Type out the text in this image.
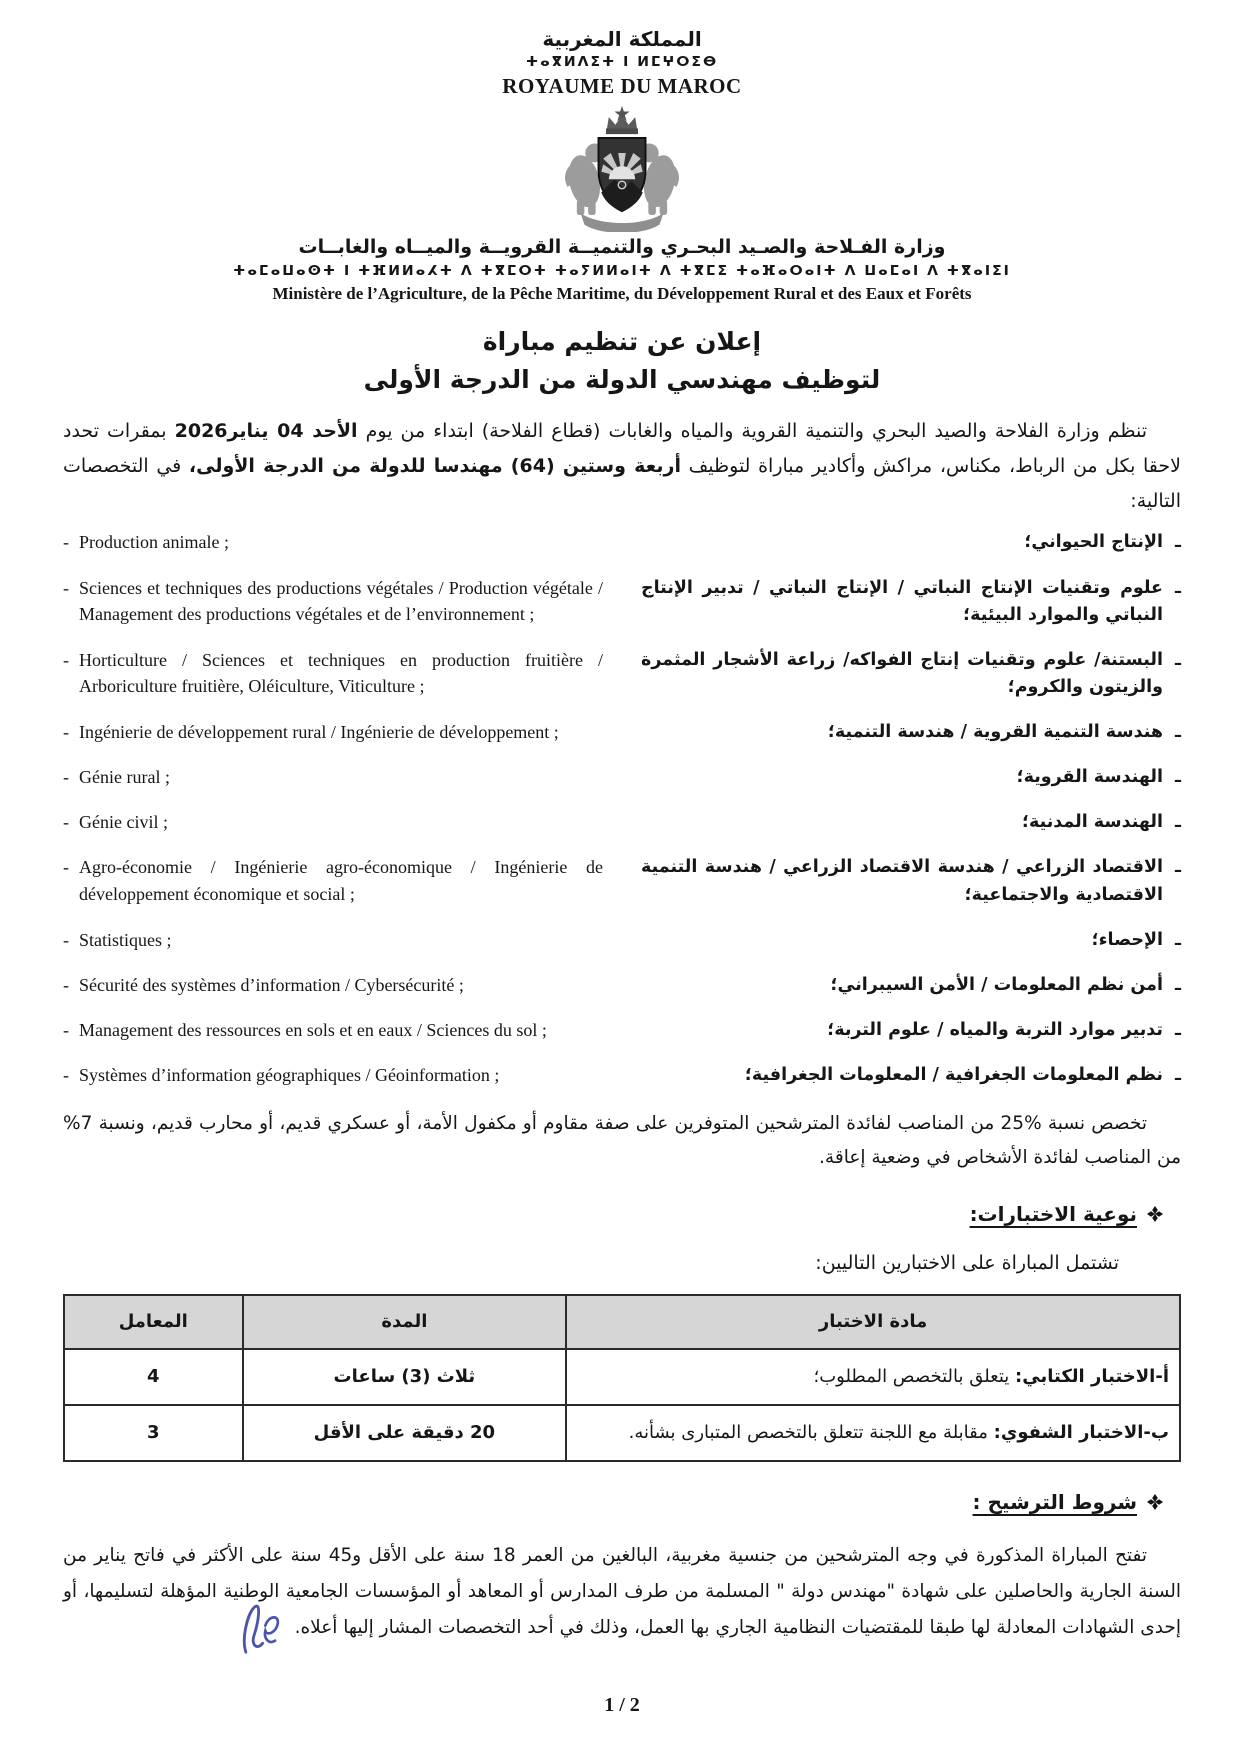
المملكة المغربية
ⵜⴰⴳⵍⴷⵉⵜ ⵏ ⵍⵎⵖⵔⵉⴱ
ROYAUME DU MAROC
وزارة الفـلاحة والصـيد البحـري والتنميــة القرويــة والميــاه والغابــات
ⵜⴰⵎⴰⵡⴰⵙⵜ ⵏ ⵜⴼⵍⵍⴰⵃⵜ ⴷ ⵜⴳⵎⵔⵜ ⵜⴰⵢⵍⵍⴰⵏⵜ ⴷ ⵜⴳⵎⵉ ⵜⴰⴼⴰⵔⴰⵏⵜ ⴷ ⵡⴰⵎⴰⵏ ⴷ ⵜⴳⴰⵏⵉⵏ
Ministère de l’Agriculture, de la Pêche Maritime, du Développement Rural et des Eaux et Forêts
إعلان عن تنظيم مباراة
لتوظيف مهندسي الدولة من الدرجة الأولى

تنظم وزارة الفلاحة والصيد البحري والتنمية القروية والمياه والغابات (قطاع الفلاحة) ابتداء من يوم الأحد 04 يناير2026 بمقرات تحدد لاحقا بكل من الرباط، مكناس، مراكش وأكادير مباراة لتوظيف أربعة وستين (64) مهندسا للدولة من الدرجة الأولى، في التخصصات التالية:

- Production animale ;	ـ
الإنتاج الحيواني؛
- Sciences et techniques des productions végétales / Production végétale / Management des productions végétales et de l’environnement ;
ـ
علوم وتقنيات الإنتاج النباتي / الإنتاج النباتي / تدبير الإنتاج النباتي والموارد البيئية؛
- Horticulture / Sciences et techniques en production fruitière / Arboriculture fruitière, Oléiculture, Viticulture ;
ـ
البستنة/ علوم وتقنيات إنتاج الفواكه/ زراعة الأشجار المثمرة والزيتون والكروم؛
- Ingénierie de développement rural / Ingénierie de développement ;	ـ
هندسة التنمية القروية / هندسة التنمية؛
- Génie rural ;	ـ
الهندسة القروية؛
- Génie civil ;	ـ
الهندسة المدنية؛
- Agro-économie / Ingénierie agro-économique / Ingénierie de développement économique et social ;
ـ
الاقتصاد الزراعي / هندسة الاقتصاد الزراعي / هندسة التنمية الاقتصادية والاجتماعية؛
- Statistiques ;	ـ
الإحصاء؛
- Sécurité des systèmes d’information / Cybersécurité ;	ـ
أمن نظم المعلومات / الأمن السيبراني؛
- Management des ressources en sols et en eaux / Sciences du sol ;	ـ
تدبير موارد التربة والمياه / علوم التربة؛
- Systèmes d’information géographiques / Géoinformation ;	ـ
نظم المعلومات الجغرافية / المعلومات الجغرافية؛

تخصص نسبة %25 من المناصب لفائدة المترشحين المتوفرين على صفة مقاوم أو مكفول الأمة، أو عسكري قديم، أو محارب قديم، ونسبة 7% من المناصب لفائدة الأشخاص في وضعية إعاقة.

نوعية الاختبارات:

تشتمل المباراة على الاختبارين التاليين:

مادة الاختبار	المدة	المعامل
أ-الاختبار الكتابي: يتعلق بالتخصص المطلوب؛	ثلاث (3) ساعات	4
ب-الاختبار الشفوي: مقابلة مع اللجنة تتعلق بالتخصص المتبارى بشأنه.	20 دقيقة على الأقل	3
شروط الترشيح :

تفتح المباراة المذكورة في وجه المترشحين من جنسية مغربية، البالغين من العمر 18 سنة على الأقل و45 سنة على الأكثر في فاتح يناير من السنة الجارية والحاصلين على شهادة "مهندس دولة " المسلمة من طرف المدارس أو المعاهد أو المؤسسات الجامعية الوطنية المؤهلة لتسليمها، أو إحدى الشهادات المعادلة لها طبقا للمقتضيات النظامية الجاري بها العمل، وذلك في أحد التخصصات المشار إليها أعلاه.

1 / 2
